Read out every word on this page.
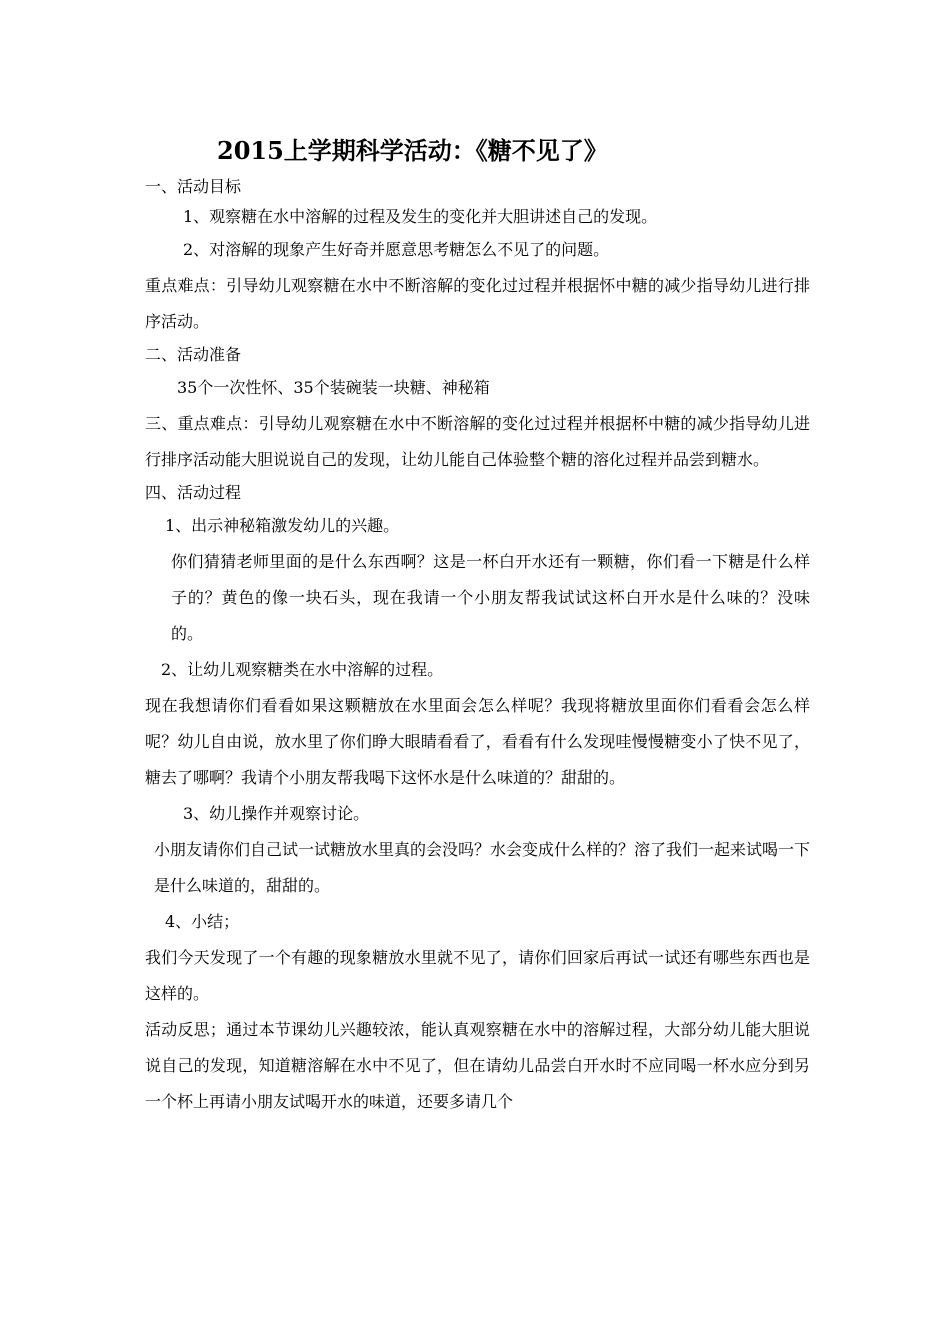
2015上学期科学活动：《糖不见了》

一、活动目标

1、观察糖在水中溶解的过程及发生的变化并大胆讲述自己的发现。

2、对溶解的现象产生好奇并愿意思考糖怎么不见了的问题。

重点难点：引导幼儿观察糖在水中不断溶解的变化过过程并根据怀中糖的减少指导幼儿进行排序活动。

二、活动准备

35个一次性怀、35个装碗装一块糖、神秘箱

三、重点难点：引导幼儿观察糖在水中不断溶解的变化过过程并根据杯中糖的减少指导幼儿进行排序活动能大胆说说自己的发现，让幼儿能自己体验整个糖的溶化过程并品尝到糖水。

四、活动过程

1、出示神秘箱激发幼儿的兴趣。

你们猜猜老师里面的是什么东西啊？这是一杯白开水还有一颗糖，你们看一下糖是什么样子的？黄色的像一块石头，现在我请一个小朋友帮我试试这杯白开水是什么味的？没味的。

2、让幼儿观察糖类在水中溶解的过程。

现在我想请你们看看如果这颗糖放在水里面会怎么样呢？我现将糖放里面你们看看会怎么样呢？幼儿自由说，放水里了你们睁大眼睛看看了，看看有什么发现哇慢慢糖变小了快不见了，糖去了哪啊？我请个小朋友帮我喝下这怀水是什么味道的？甜甜的。

3、幼儿操作并观察讨论。

小朋友请你们自己试一试糖放水里真的会没吗？水会变成什么样的？溶了我们一起来试喝一下是什么味道的，甜甜的。

4、小结；

我们今天发现了一个有趣的现象糖放水里就不见了，请你们回家后再试一试还有哪些东西也是这样的。

活动反思；通过本节课幼儿兴趣较浓，能认真观察糖在水中的溶解过程，大部分幼儿能大胆说说自己的发现，知道糖溶解在水中不见了，但在请幼儿品尝白开水时不应同喝一杯水应分到另一个杯上再请小朋友试喝开水的味道，还要多请几个
